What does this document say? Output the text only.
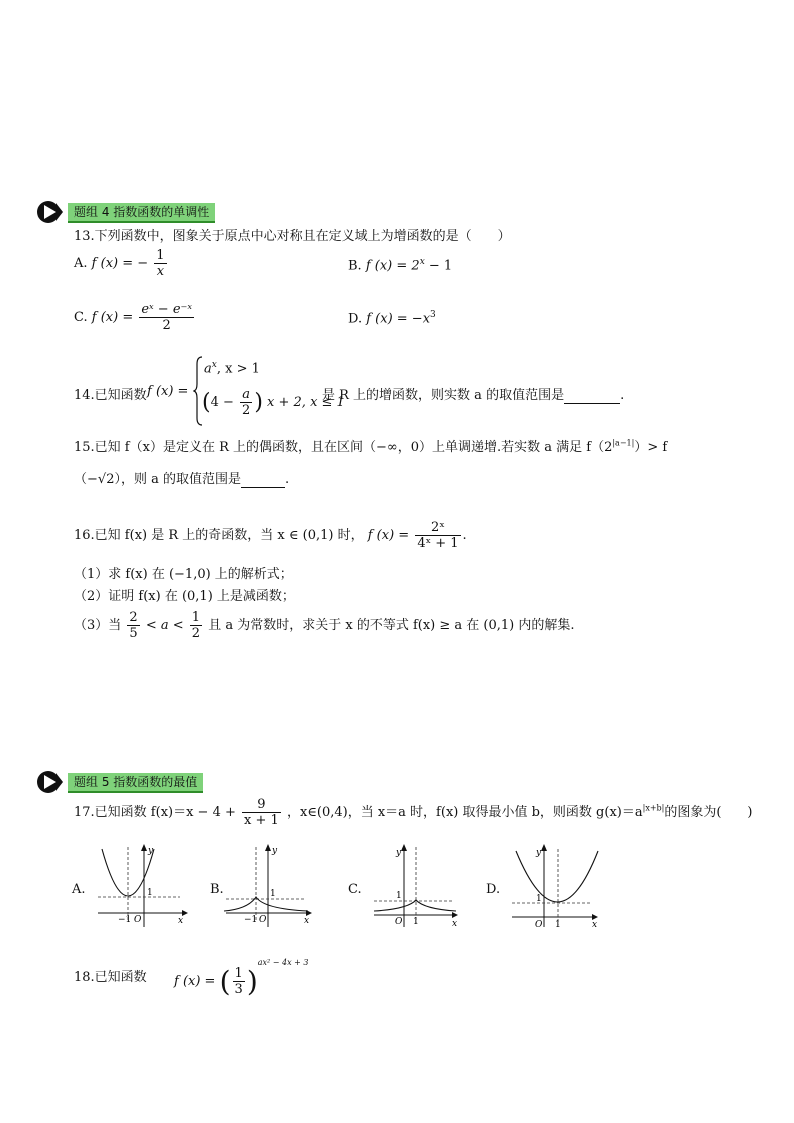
题组 4 指数函数的单调性
13.下列函数中，图象关于原点中心对称且在定义域上为增函数的是（　　）
A. f (x) = − $\frac{1}{x}$	B. f $(x) = 2^x - 1$
C. f $(x) = \frac{\text{eˣ − e⁻ˣ}}{2}$	D. f $(x) = -x^3$
14.已知函数 f (x) =
$a^x$, x > 1
($4 - \frac{a}{2}$ ) x + 2, x ≤ 1
是 R 上的增函数，则实数 a 的取值范围是	.
15.已知 f（x）是定义在 R 上的偶函数，且在区间（−∞，0）上单调递增.若实数 a 满足 $f(2^{|a-1|})> f$
（−√2），则 a 的取值范围是	.
16.已知 f(x) 是 R 上的奇函数，当 x ∈ (0,1) 时， f $(x) = \frac{\text{2ˣ}}{\text{4ˣ + 1}}$ .
（1）求 f(x) 在 (−1,0) 上的解析式；
（2）证明 f(x) 在 (0,1) 上是减函数；
（3）当 $\frac{2}{5} < a < \frac{1}{2}$ 且 a 为常数时，求关于 x 的不等式 f(x) ≥ a 在 (0,1) 内的解集.
题组 5 指数函数的最值
17.已知函数 $f(x)=x - 4 + \frac{9}{x + 1}$ ，x∈(0,4)，当 x＝a 时，f(x) 取得最小值 b，则函数 $g(x)=a^{|x+b|}$的图象为(　　)
A.
−1 O
1
x
y
B.
−1 O
1
x
y
C.
O 1
1
x
y
D.
O 1
1
x
y
18.已知函数 f (x) = ( $\frac{1}{3} )^{ax^2 - 4x + 3}$
